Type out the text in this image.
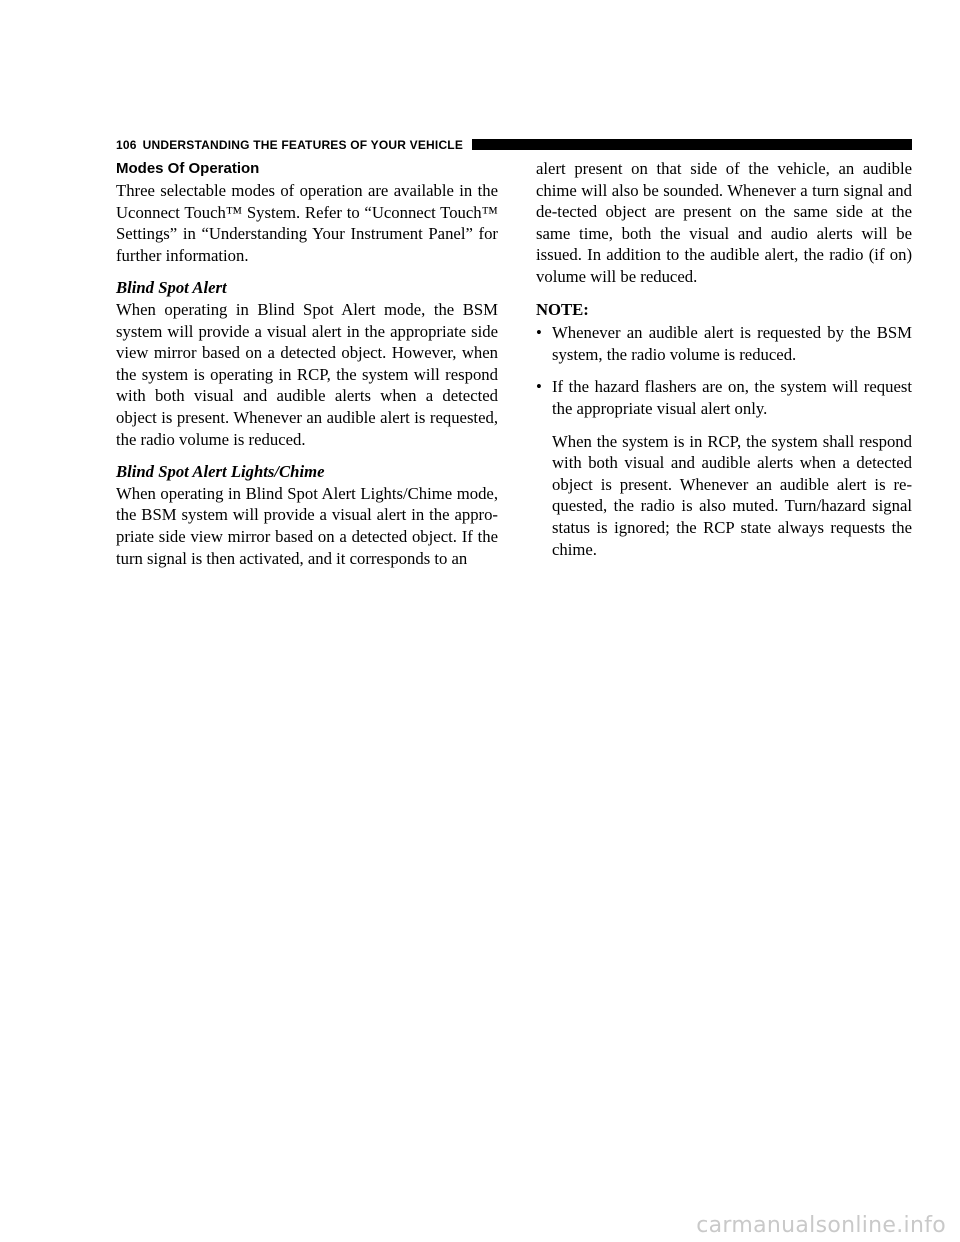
106 UNDERSTANDING THE FEATURES OF YOUR VEHICLE
Modes Of Operation

Three selectable modes of operation are available in the Uconnect Touch™ System. Refer to “Uconnect Touch™ Settings” in “Understanding Your Instrument Panel” for further information.

Blind Spot Alert

When operating in Blind Spot Alert mode, the BSM system will provide a visual alert in the appropriate side view mirror based on a detected object. However, when the system is operating in RCP, the system will respond with both visual and audible alerts when a detected object is present. Whenever an audible alert is requested, the radio volume is reduced.

Blind Spot Alert Lights/Chime

When operating in Blind Spot Alert Lights/Chime mode, the BSM system will provide a visual alert in the appro-priate side view mirror based on a detected object. If the turn signal is then activated, and it corresponds to an

alert present on that side of the vehicle, an audible chime will also be sounded. Whenever a turn signal and de-tected object are present on the same side at the same time, both the visual and audio alerts will be issued. In addition to the audible alert, the radio (if on) volume will be reduced.

NOTE:
• Whenever an audible alert is requested by the BSM system, the radio volume is reduced.
• If the hazard flashers are on, the system will request the appropriate visual alert only.

When the system is in RCP, the system shall respond with both visual and audible alerts when a detected object is present. Whenever an audible alert is re-quested, the radio is also muted. Turn/hazard signal status is ignored; the RCP state always requests the chime.

carmanualsonline.info
